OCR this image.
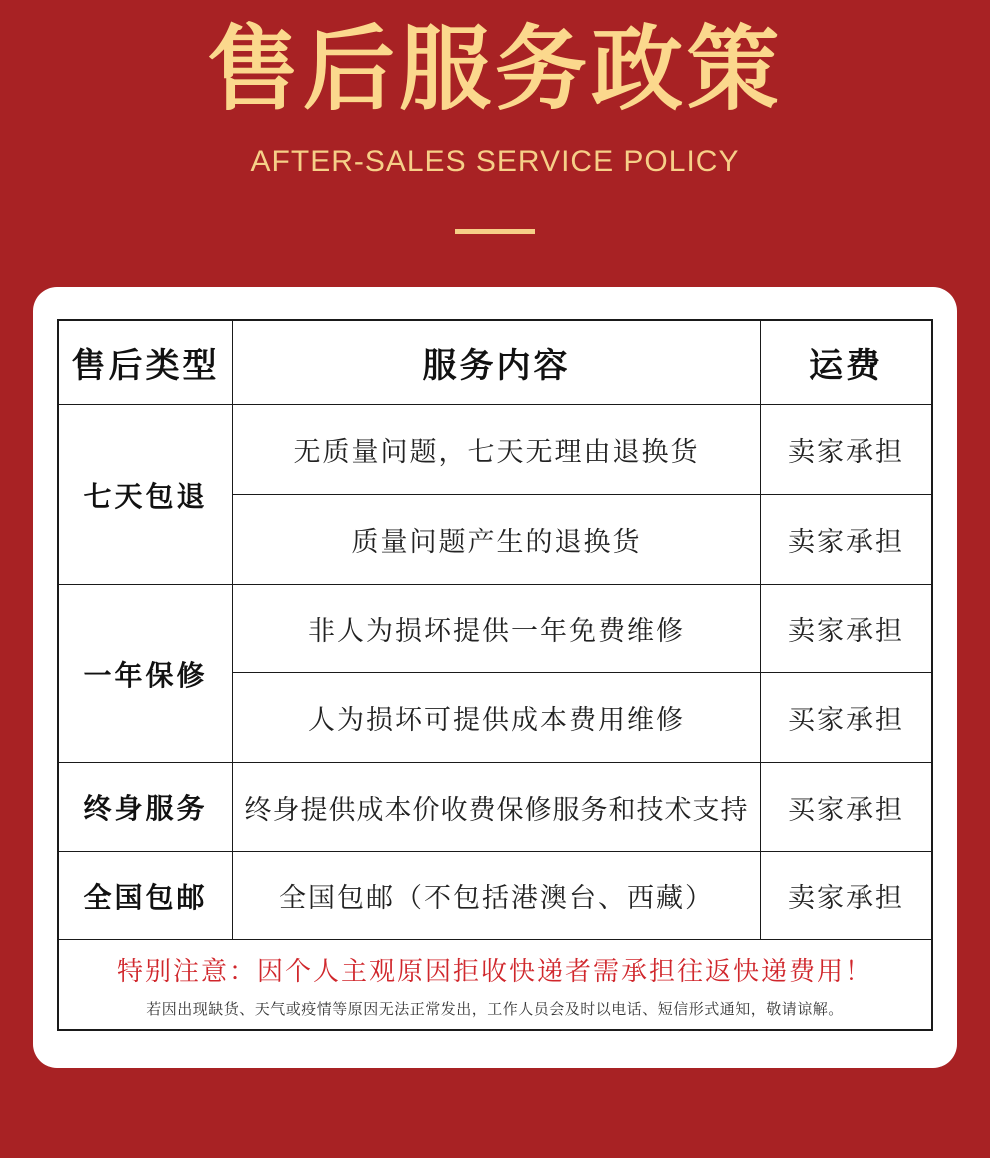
售后服务政策
AFTER-SALES SERVICE POLICY
售后类型	服务内容	运费
七天包退
无质量问题，七天无理由退换货	卖家承担
质量问题产生的退换货	卖家承担
一年保修
非人为损坏提供一年免费维修	卖家承担
人为损坏可提供成本费用维修	买家承担
终身服务	终身提供成本价收费保修服务和技术支持	买家承担
全国包邮	全国包邮（不包括港澳台、西藏）	卖家承担
特别注意：因个人主观原因拒收快递者需承担往返快递费用！
若因出现缺货、天气或疫情等原因无法正常发出，工作人员会及时以电话、短信形式通知，敬请谅解。
